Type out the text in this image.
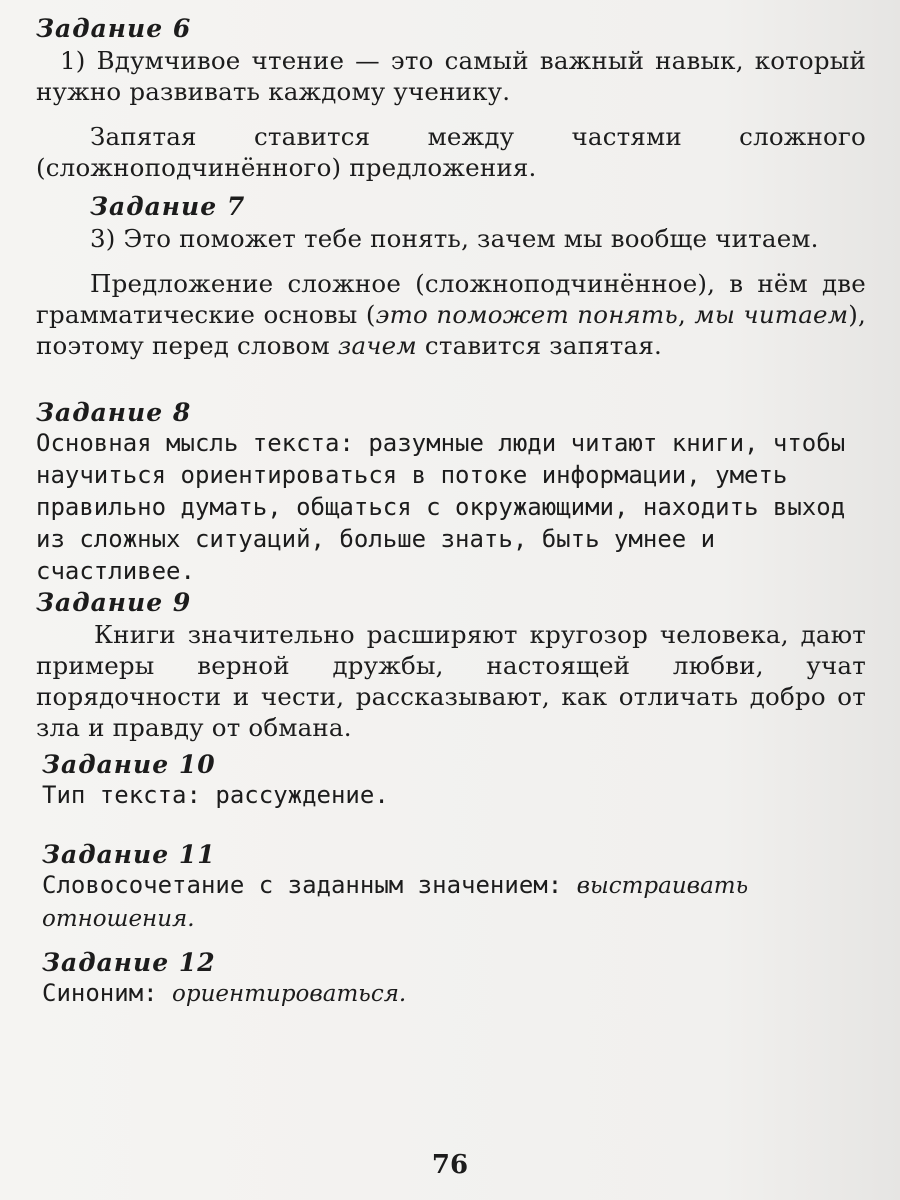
Задание 6

1) Вдумчивое чтение — это самый важный навык, который нужно развивать каждому ученику.

Запятая ставится между частями сложного (сложноподчинённого) предложения.

Задание 7

3) Это поможет тебе понять, зачем мы вообще читаем.

Предложение сложное (сложноподчинённое), в нём две грамматические основы (это поможет понять, мы читаем), поэтому перед словом зачем ставится запятая.

Задание 8

Основная мысль текста: разумные люди читают книги, чтобы научиться ориентироваться в потоке информации, уметь правильно думать, общаться с окружающими, находить выход из сложных ситуаций, больше знать, быть умнее и счастливее.

Задание 9

Книги значительно расширяют кругозор человека, дают примеры верной дружбы, настоящей любви, учат порядочности и чести, рассказывают, как отличать добро от зла и правду от обмана.

Задание 10

Тип текста: рассуждение.

Задание 11

Словосочетание с заданным значением: выстраивать отношения.

Задание 12

Синоним: ориентироваться.

76
